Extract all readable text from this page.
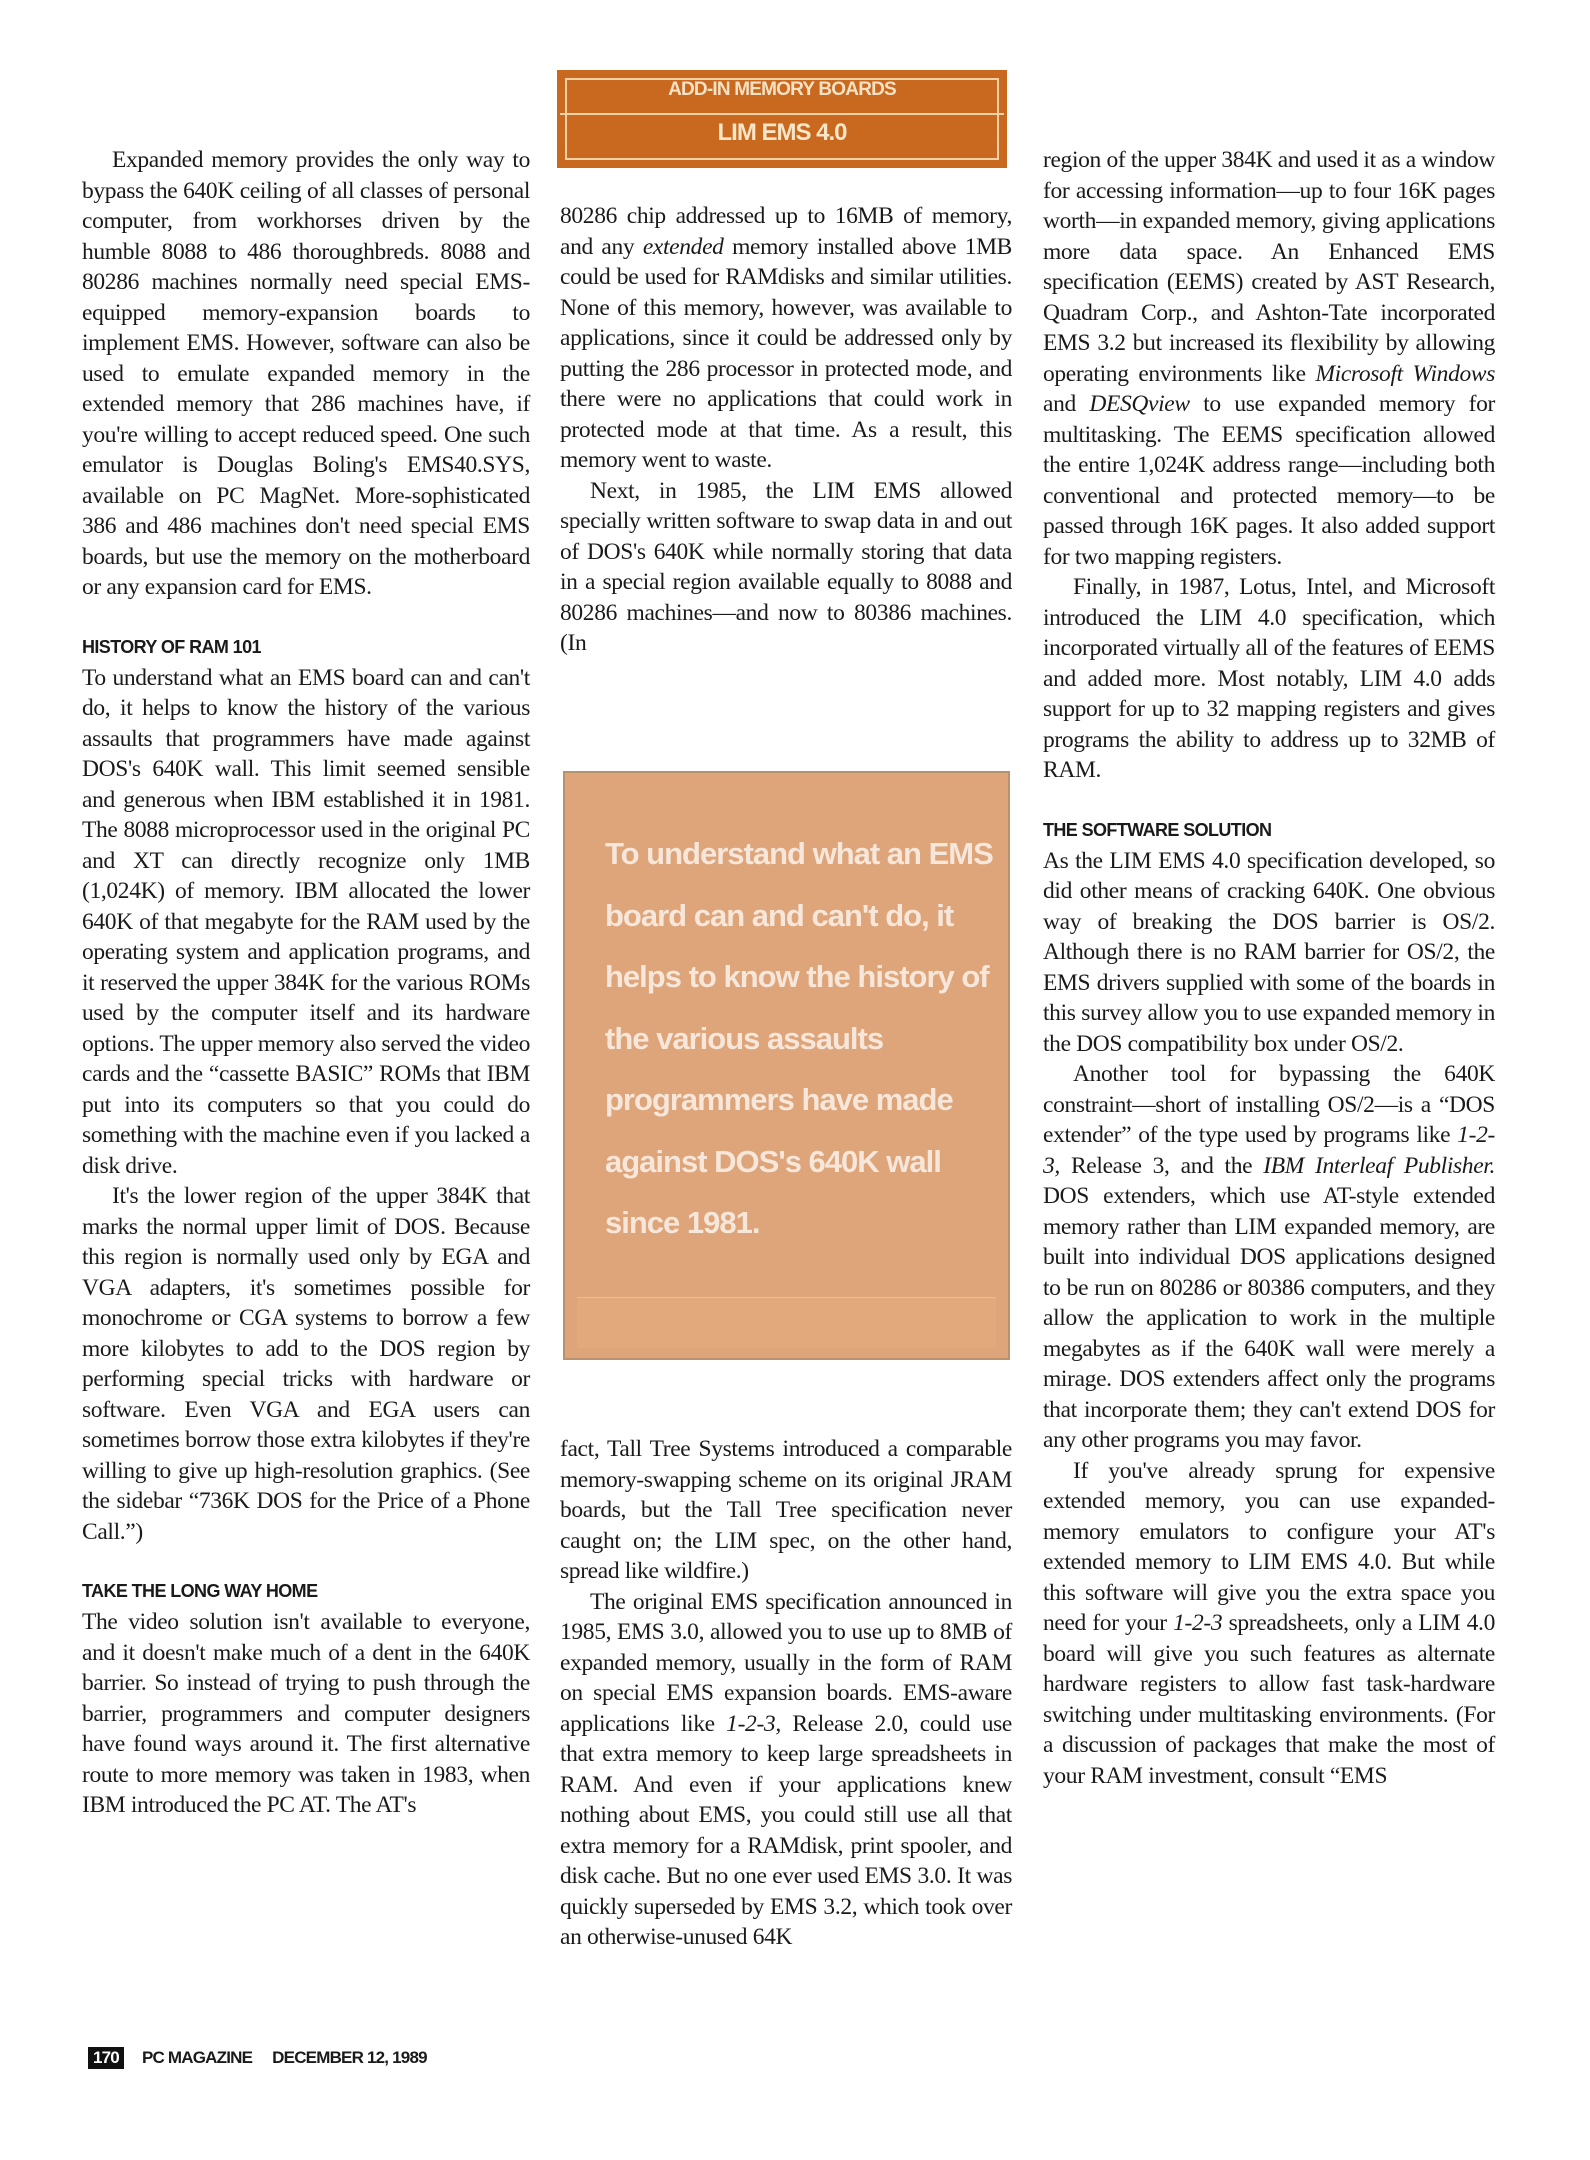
ADD-IN MEMORY BOARDS
LIM EMS 4.0

Expanded memory provides the only way to bypass the 640K ceiling of all classes of personal computer, from workhorses driven by the humble 8088 to 486 thoroughbreds. 8088 and 80286 machines normally need special EMS-equipped memory-expansion boards to implement EMS. However, software can also be used to emulate expanded memory in the extended memory that 286 machines have, if you're willing to accept reduced speed. One such emulator is Douglas Boling's EMS40.SYS, available on PC MagNet. More-sophisticated 386 and 486 machines don't need special EMS boards, but use the memory on the motherboard or any expansion card for EMS.

HISTORY OF RAM 101

To understand what an EMS board can and can't do, it helps to know the history of the various assaults that programmers have made against DOS's 640K wall. This limit seemed sensible and generous when IBM established it in 1981. The 8088 microprocessor used in the original PC and XT can directly recognize only 1MB (1,024K) of memory. IBM allocated the lower 640K of that megabyte for the RAM used by the operating system and application programs, and it reserved the upper 384K for the various ROMs used by the computer itself and its hardware options. The upper memory also served the video cards and the “cassette BASIC” ROMs that IBM put into its computers so that you could do something with the machine even if you lacked a disk drive.

It's the lower region of the upper 384K that marks the normal upper limit of DOS. Because this region is normally used only by EGA and VGA adapters, it's sometimes possible for monochrome or CGA systems to borrow a few more kilobytes to add to the DOS region by performing special tricks with hardware or software. Even VGA and EGA users can sometimes borrow those extra kilobytes if they're willing to give up high-resolution graphics. (See the sidebar “736K DOS for the Price of a Phone Call.”)

TAKE THE LONG WAY HOME

The video solution isn't available to everyone, and it doesn't make much of a dent in the 640K barrier. So instead of trying to push through the barrier, programmers and computer designers have found ways around it. The first alternative route to more memory was taken in 1983, when IBM introduced the PC AT. The AT's

80286 chip addressed up to 16MB of memory, and any extended memory installed above 1MB could be used for RAMdisks and similar utilities. None of this memory, however, was available to applications, since it could be addressed only by putting the 286 processor in protected mode, and there were no applications that could work in protected mode at that time. As a result, this memory went to waste.

Next, in 1985, the LIM EMS allowed specially written software to swap data in and out of DOS's 640K while normally storing that data in a special region available equally to 8088 and 80286 machines—and now to 80386 machines. (In

To understand what an EMS board can and can't do, it helps to know the history of the various assaults programmers have made against DOS's 640K wall since 1981.

fact, Tall Tree Systems introduced a comparable memory-swapping scheme on its original JRAM boards, but the Tall Tree specification never caught on; the LIM spec, on the other hand, spread like wildfire.)

The original EMS specification announced in 1985, EMS 3.0, allowed you to use up to 8MB of expanded memory, usually in the form of RAM on special EMS expansion boards. EMS-aware applications like 1-2-3, Release 2.0, could use that extra memory to keep large spreadsheets in RAM. And even if your applications knew nothing about EMS, you could still use all that extra memory for a RAMdisk, print spooler, and disk cache. But no one ever used EMS 3.0. It was quickly superseded by EMS 3.2, which took over an otherwise-unused 64K

region of the upper 384K and used it as a window for accessing information—up to four 16K pages worth—in expanded memory, giving applications more data space. An Enhanced EMS specification (EEMS) created by AST Research, Quadram Corp., and Ashton-Tate incorporated EMS 3.2 but increased its flexibility by allowing operating environments like Microsoft Windows and DESQview to use expanded memory for multitasking. The EEMS specification allowed the entire 1,024K address range—including both conventional and protected memory—to be passed through 16K pages. It also added support for two mapping registers.

Finally, in 1987, Lotus, Intel, and Microsoft introduced the LIM 4.0 specification, which incorporated virtually all of the features of EEMS and added more. Most notably, LIM 4.0 adds support for up to 32 mapping registers and gives programs the ability to address up to 32MB of RAM.

THE SOFTWARE SOLUTION

As the LIM EMS 4.0 specification developed, so did other means of cracking 640K. One obvious way of breaking the DOS barrier is OS/2. Although there is no RAM barrier for OS/2, the EMS drivers supplied with some of the boards in this survey allow you to use expanded memory in the DOS compatibility box under OS/2.

Another tool for bypassing the 640K constraint—short of installing OS/2—is a “DOS extender” of the type used by programs like 1-2-3, Release 3, and the IBM Interleaf Publisher. DOS extenders, which use AT-style extended memory rather than LIM expanded memory, are built into individual DOS applications designed to be run on 80286 or 80386 computers, and they allow the application to work in the multiple megabytes as if the 640K wall were merely a mirage. DOS extenders affect only the programs that incorporate them; they can't extend DOS for any other programs you may favor.

If you've already sprung for expensive extended memory, you can use expanded-memory emulators to configure your AT's extended memory to LIM EMS 4.0. But while this software will give you the extra space you need for your 1-2-3 spreadsheets, only a LIM 4.0 board will give you such features as alternate hardware registers to allow fast task-hardware switching under multitasking environments. (For a discussion of packages that make the most of your RAM investment, consult “EMS

170 PC MAGAZINE DECEMBER 12, 1989
